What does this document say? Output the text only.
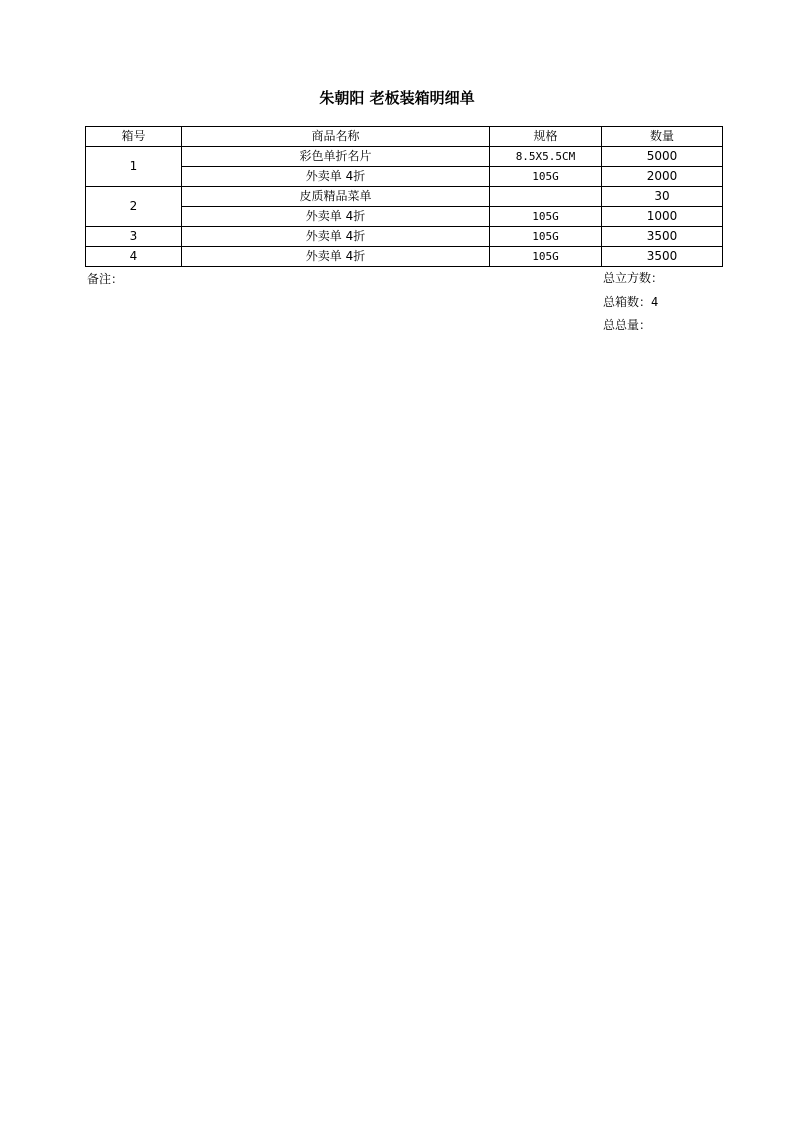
朱朝阳 老板装箱明细单
箱号	商品名称	规格	数量
1	彩色单折名片	8.5X5.5CM	5000
	外卖单 4折	105G	2000
2	皮质精品菜单		30
	外卖单 4折	105G	1000
3	外卖单 4折	105G	3500
4	外卖单 4折	105G	3500
备注：	总立方数：
总箱数：4
总总量：
